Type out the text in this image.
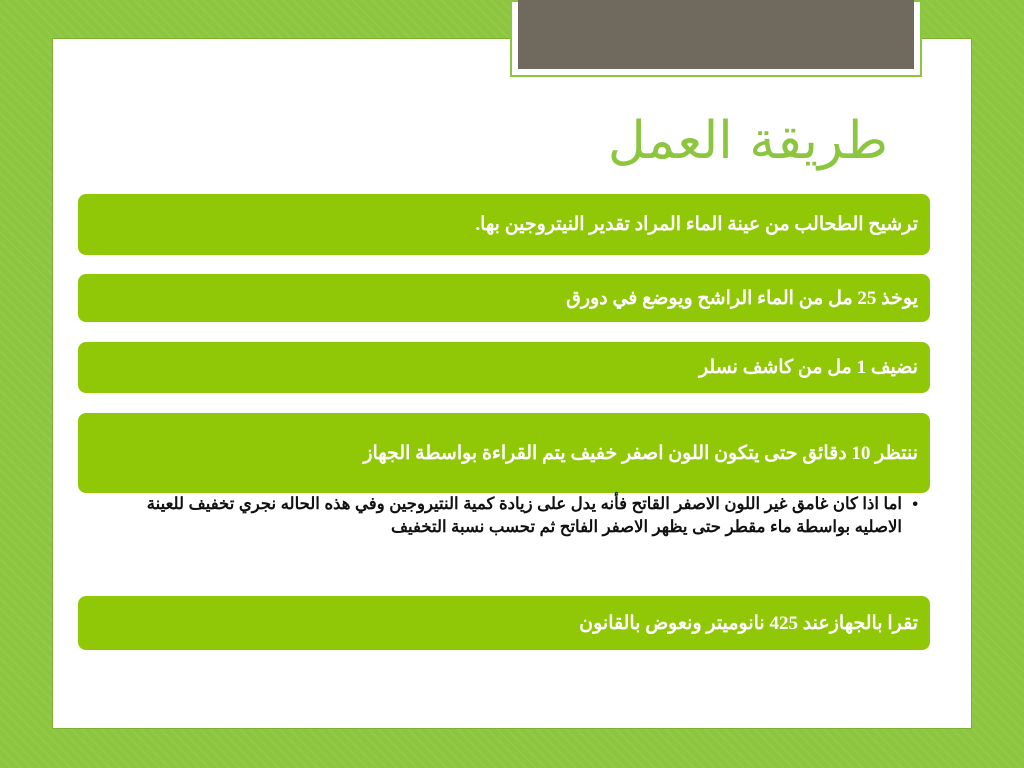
طريقة العمل
ترشيح الطحالب من عينة الماء المراد تقدير النيتروجين بها.
يوخذ 25 مل من الماء الراشح ويوضع في دورق
نضيف 1 مل من كاشف نسلر
ننتظر 10 دقائق حتى يتكون اللون اصفر خفيف يتم القراءة بواسطة الجهاز
•
اما اذا كان غامق غير اللون الاصفر القاتح فأنه يدل على زيادة كمية النتيروجين وفي هذه الحاله نجري تخفيف للعينة الاصليه بواسطة ماء مقطر حتى يظهر الاصفر الفاتح ثم تحسب نسبة التخفيف
تقرا بالجهازعند 425 نانوميتر ونعوض بالقانون
